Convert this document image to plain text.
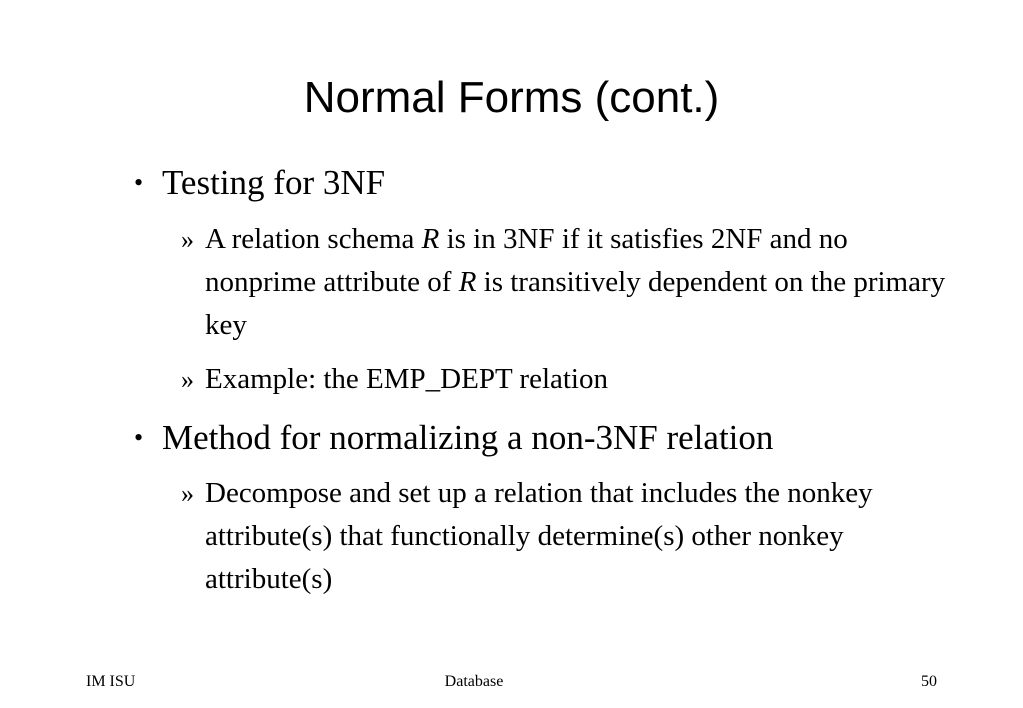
Normal Forms (cont.)
• Testing for 3NF
» A relation schema R is in 3NF if it satisfies 2NF and no nonprime attribute of R is transitively dependent on the primary key
» Example: the EMP_DEPT relation
• Method for normalizing a non-3NF relation
» Decompose and set up a relation that includes the nonkey attribute(s) that functionally determine(s) other nonkey attribute(s)
IM ISU	Database	50
